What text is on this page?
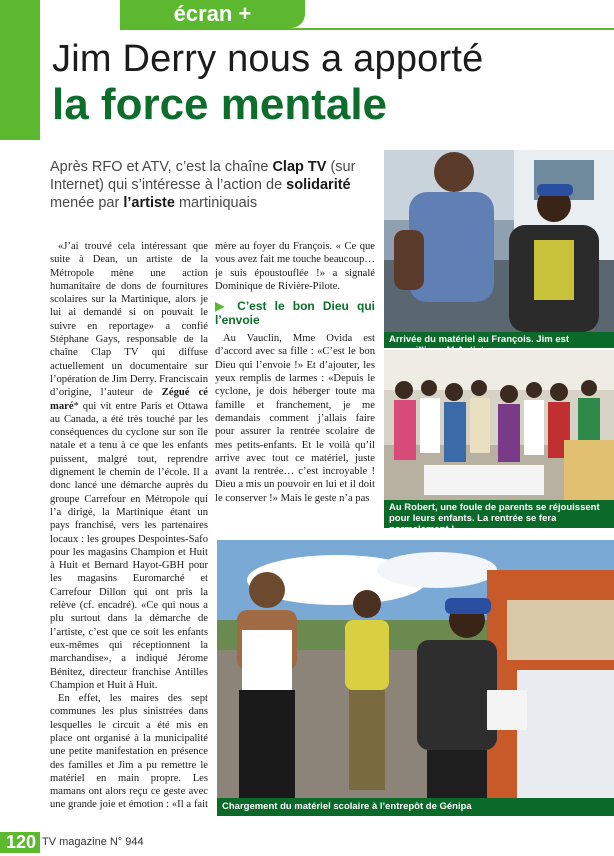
écran +
Jim Derry nous a apporté
la force mentale
Après RFO et ATV, c’est la chaîne Clap TV (sur Internet) qui s’intéresse à l’action de solidarité menée par l’artiste martiniquais

«J’ai trouvé cela intéressant que suite à Dean, un artiste de la Métropole mène une action humanitaire de dons de fournitures scolaires sur la Martinique, alors je lui ai demandé si on pouvait le suivre en reportage» a confié Stéphane Gays, responsable de la chaîne Clap TV qui diffuse actuellement un documentaire sur l’opération de Jim Derry. Franciscain d’origine, l’auteur de Zégué cé maré* qui vit entre Paris et Ottawa au Canada, a été très touché par les conséquences du cyclone sur son île natale et a tenu à ce que les enfants puissent, malgré tout, reprendre dignement le chemin de l’école. Il a donc lancé une démarche auprès du groupe Carrefour en Métropole qui l’a dirigé, la Martinique étant un pays franchisé, vers les partenaires locaux : les groupes Despointes-Safo pour les magasins Champion et Huit à Huit et Bernard Hayot-GBH pour les magasins Euromarché et Carrefour Dillon qui ont pris la relève (cf. encadré). «Ce qui nous a plu surtout dans la démarche de l’artiste, c’est que ce soit les enfants eux-mêmes qui réceptionnent la marchandise», a indiqué Jérome Bénitez, directeur franchise Antilles Champion et Huit à Huit.

En effet, les maires des sept communes les plus sinistrées dans lesquelles le circuit a été mis en place ont organisé à la municipalité une petite manifestation en présence des familles et Jim a pu remettre le matériel en main propre. Les mamans ont alors reçu ce geste avec une grande joie et émotion : «Il a fait

mère au foyer du François. « Ce que vous avez fait me touche beaucoup… je suis époustouflée !» a signalé Dominique de Rivière-Pilote.

▶ C’est le bon Dieu qui l’envoie

Au Vauclin, Mme Ovida est d’accord avec sa fille : «C’est le bon Dieu qui l’envoie !» Et d’ajouter, les yeux remplis de larmes : «Depuis le cyclone, je dois héberger toute ma famille et franchement, je me demandais comment j’allais faire pour assurer la rentrée scolaire de mes petits-enfants. Et le voilà qu’il arrive avec tout ce matériel, juste avant la rentrée… c’est incroyable ! Dieu a mis un pouvoir en lui et il doit le conserver !» Mais le geste n’a pas

Arrivée du matériel au François. Jim est
Au Robert, une foule de parents se réjouissent pour leurs enfants. La rentrée se fera normalement !
Chargement du matériel scolaire à l’entrepôt de Génipa
120 TV magazine N° 944
